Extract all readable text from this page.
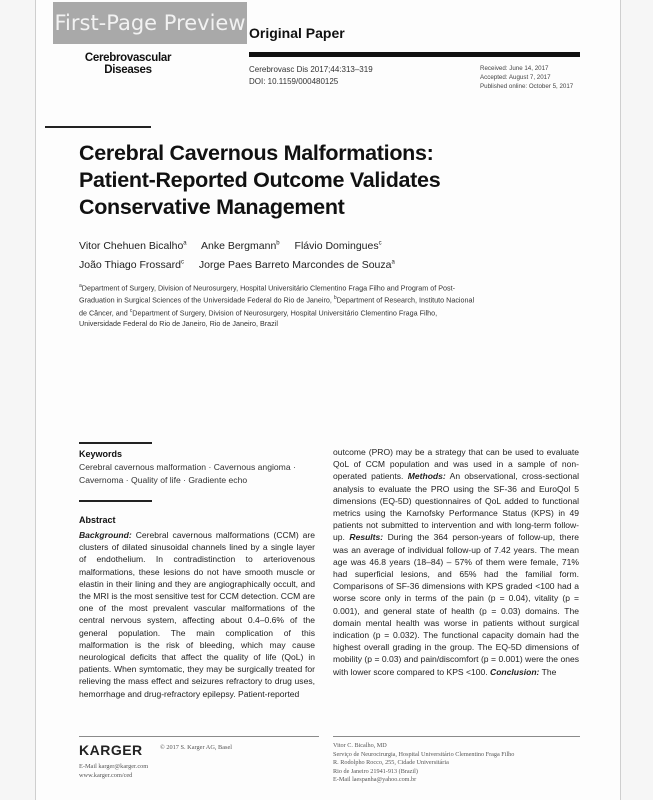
First-Page Preview Original Paper
Cerebrovascular
Diseases	Cerebrovasc Dis 2017;44:313–319
DOI: 10.1159/000480125
Received: June 14, 2017
Accepted: August 7, 2017
Published online: October 5, 2017
Cerebral Cavernous Malformations:
Patient-Reported Outcome Validates
Conservative Management
Vitor Chehuen Bicalho$^a$ Anke Bergmann$^b$ Flávio Domingues$^c$
João Thiago Frossard$^c$ Jorge Paes Barreto Marcondes de Souza$^a$
$^a$Department of Surgery, Division of Neurosurgery, Hospital Universitário Clementino Fraga Filho and Program of Post-Graduation in Surgical Sciences of the Universidade Federal do Rio de Janeiro, $^b$Department of Research, Instituto Nacional de Câncer, and $^c$Department of Surgery, Division of Neurosurgery, Hospital Universitário Clementino Fraga Filho, Universidade Federal do Rio de Janeiro, Rio de Janeiro, Brazil
Keywords
Cerebral cavernous malformation · Cavernous angioma · Cavernoma · Quality of life · Gradiente echo
Abstract
Background: Cerebral cavernous malformations (CCM) are clusters of dilated sinusoidal channels lined by a single layer of endothelium. In contradistinction to arteriovenous malformations, these lesions do not have smooth muscle or elastin in their lining and they are angiographically occult, and the MRI is the most sensitive test for CCM detection. CCM are one of the most prevalent vascular malformations of the central nervous system, affecting about 0.4–0.6% of the general population. The main complication of this malformation is the risk of bleeding, which may cause neurological deficits that affect the quality of life (QoL) in patients. When symtomatic, they may be surgically treated for relieving the mass effect and seizures refractory to drug uses, hemorrhage and drug-refractory epilepsy. Patient-reported
outcome (PRO) may be a strategy that can be used to evaluate QoL of CCM population and was used in a sample of non-operated patients. Methods: An observational, cross-sectional analysis to evaluate the PRO using the SF-36 and EuroQol 5 dimensions (EQ-5D) questionnaires of QoL added to functional metrics using the Karnofsky Performance Status (KPS) in 49 patients not submitted to intervention and with long-term follow-up. Results: During the 364 person-years of follow-up, there was an average of individual follow-up of 7.42 years. The mean age was 46.8 years (18–84) – 57% of them were female, 71% had superficial lesions, and 65% had the familial form. Comparisons of SF-36 dimensions with KPS graded <100 had a worse score only in terms of the pain (p = 0.04), vitality (p = 0.001), and general state of health (p = 0.03) domains. The domain mental health was worse in patients without surgical indication (p = 0.032). The functional capacity domain had the highest overall grading in the group. The EQ-5D dimensions of mobility (p = 0.03) and pain/discomfort (p = 0.001) were the ones with lower score compared to KPS <100. Conclusion: The
KARGER	© 2017 S. Karger AG, Basel
E-Mail karger@karger.com
www.karger.com/ced
Vitor C. Bicalho, MD
Serviço de Neurocirurgia, Hospital Universitário Clementino Fraga Filho
R. Rodolpho Rocco, 255, Cidade Universitária
Rio de Janeiro 21941-913 (Brazil)
E-Mail laespanha@yahoo.com.br
